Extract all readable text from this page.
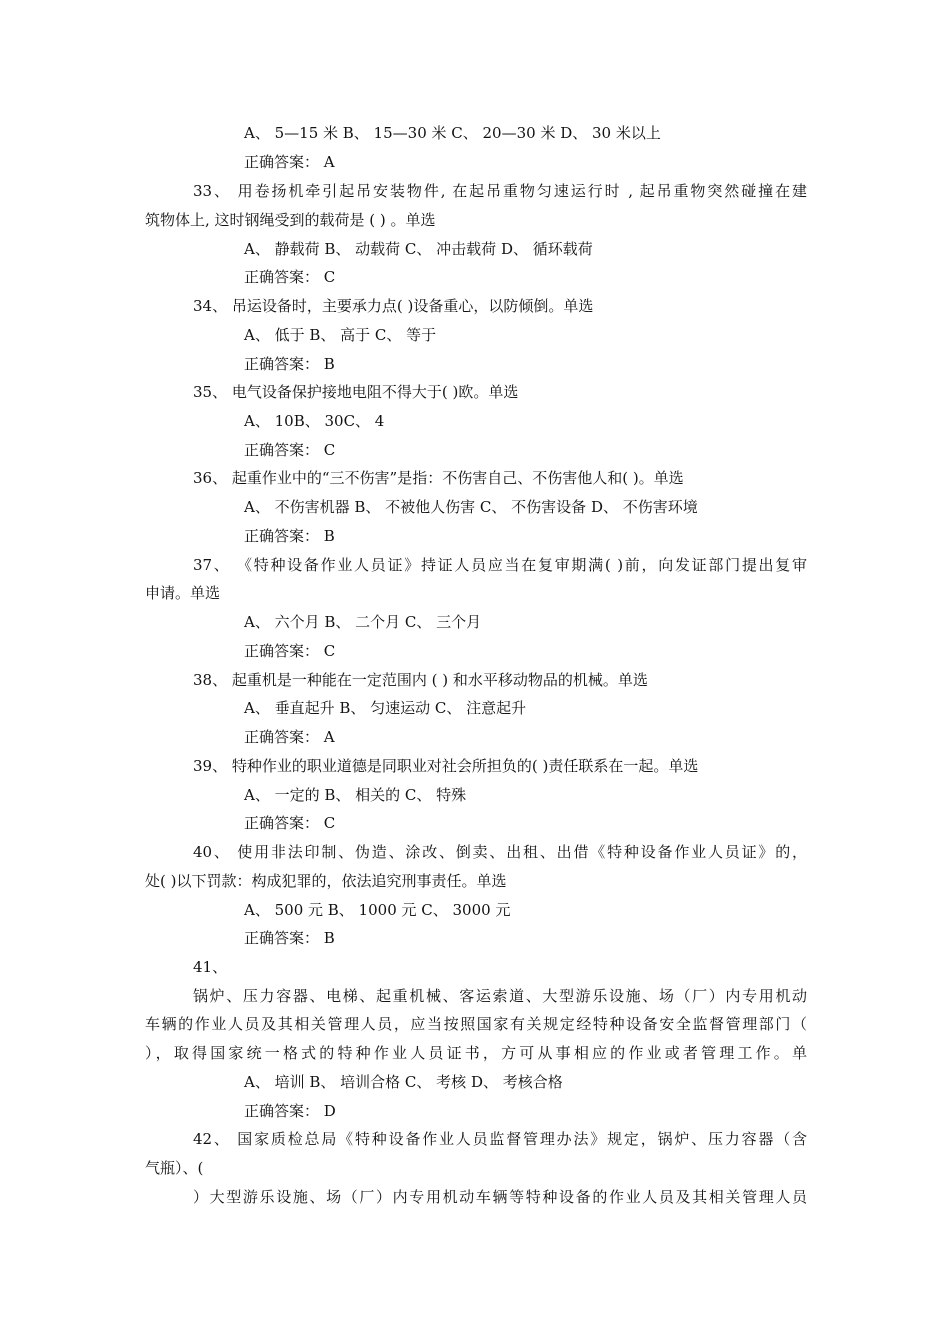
A、 5—15 米 B、 15—30 米 C、 20—30 米 D、 30 米以上
正确答案： A
33、 用卷扬机牵引起吊安装物件, 在起吊重物匀速运行时 , 起吊重物突然碰撞在建
筑物体上, 这时钢绳受到的载荷是 ( ) 。单选
A、 静载荷 B、 动载荷 C、 冲击载荷 D、 循环载荷
正确答案： C
34、 吊运设备时，主要承力点( )设备重心，以防倾倒。单选
A、 低于 B、 高于 C、 等于
正确答案： B
35、 电气设备保护接地电阻不得大于( )欧。单选
A、 10B、 30C、 4
正确答案： C
36、 起重作业中的“三不伤害”是指：不伤害自己、不伤害他人和( )。单选
A、 不伤害机器 B、 不被他人伤害 C、 不伤害设备 D、 不伤害环境
正确答案： B
37、 《特种设备作业人员证》持证人员应当在复审期满( )前，向发证部门提出复审
申请。单选
A、 六个月 B、 二个月 C、 三个月
正确答案： C
38、 起重机是一种能在一定范围内 ( ) 和水平移动物品的机械。单选
A、 垂直起升 B、 匀速运动 C、 注意起升
正确答案： A
39、 特种作业的职业道德是同职业对社会所担负的( )责任联系在一起。单选
A、 一定的 B、 相关的 C、 特殊
正确答案： C
40、 使用非法印制、伪造、涂改、倒卖、出租、出借《特种设备作业人员证》的，
处( )以下罚款：构成犯罪的，依法追究刑事责任。单选
A、 500 元 B、 1000 元 C、 3000 元
正确答案： B
41、
锅炉、压力容器、电梯、起重机械、客运索道、大型游乐设施、场（厂）内专用机动
车辆的作业人员及其相关管理人员，应当按照国家有关规定经特种设备安全监督管理部门（
），取得国家统一格式的特种作业人员证书，方可从事相应的作业或者管理工作。单
A、 培训 B、 培训合格 C、 考核 D、 考核合格
正确答案： D
42、 国家质检总局《特种设备作业人员监督管理办法》规定，锅炉、压力容器（含
气瓶）、(
）大型游乐设施、场（厂）内专用机动车辆等特种设备的作业人员及其相关管理人员
